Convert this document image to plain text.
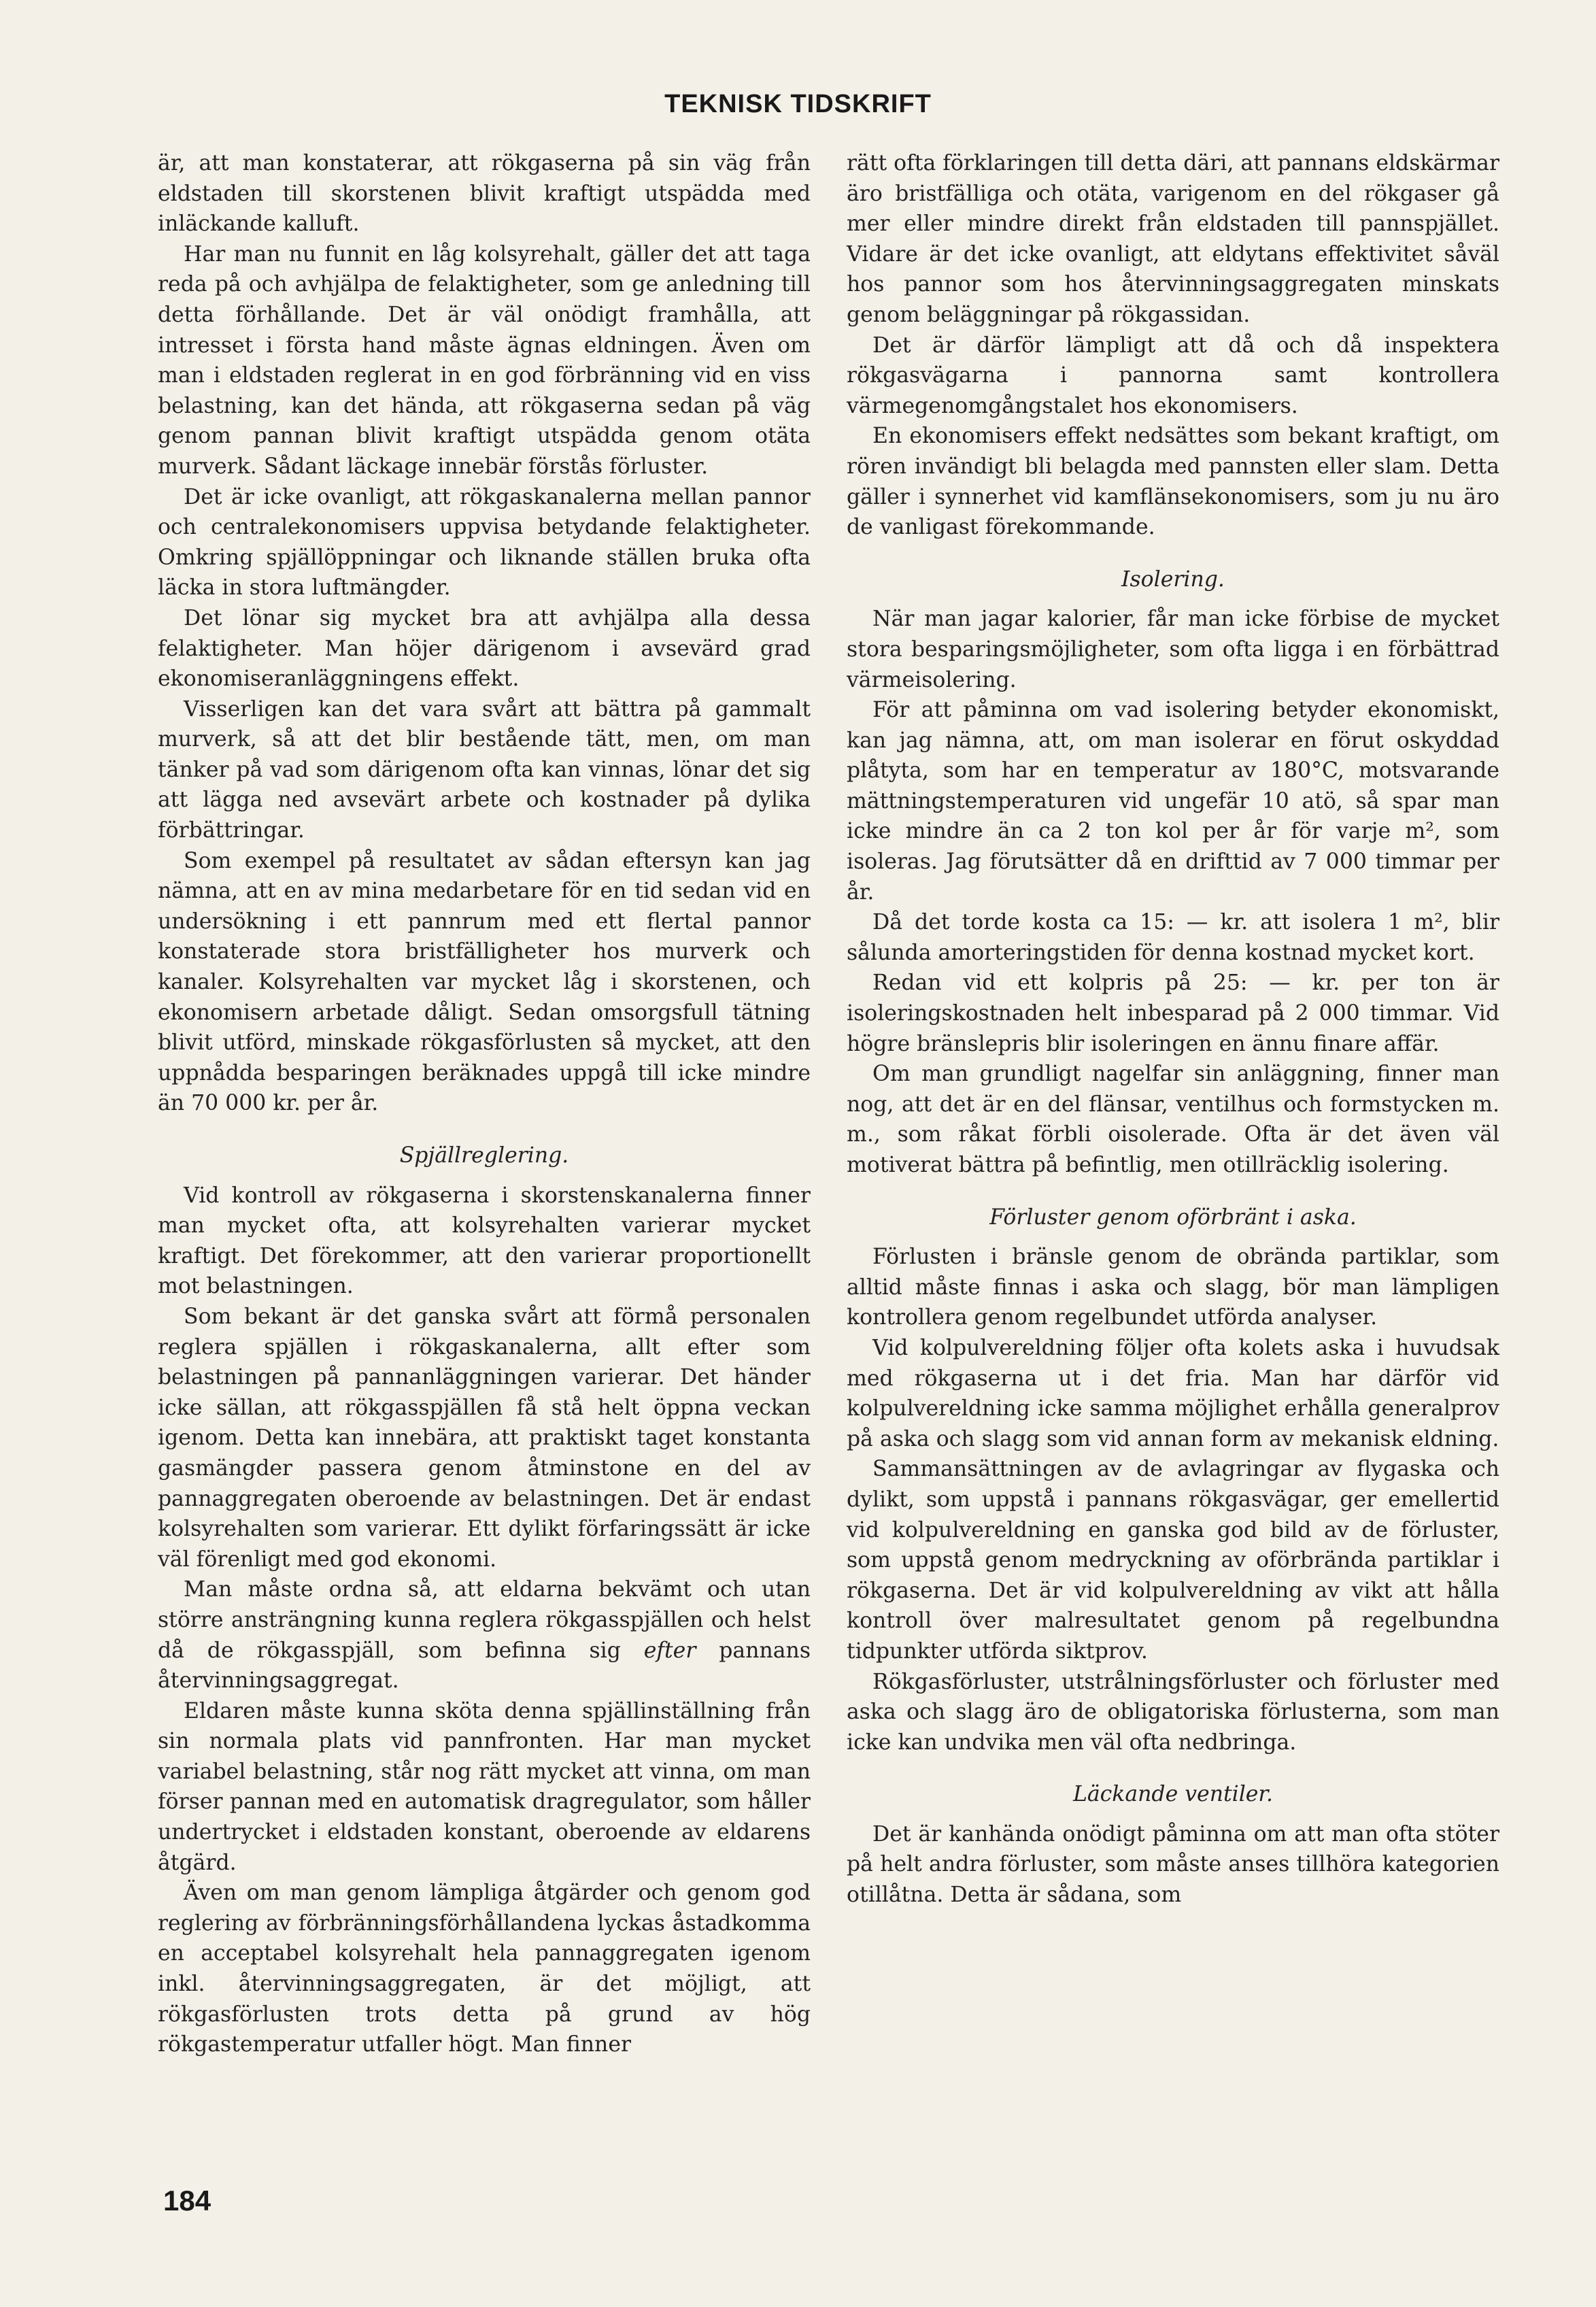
TEKNISK TIDSKRIFT

är, att man konstaterar, att rökgaserna på sin väg från eldstaden till skorstenen blivit kraftigt utspädda med inläckande kalluft.

Har man nu funnit en låg kolsyrehalt, gäller det att taga reda på och avhjälpa de felaktigheter, som ge anledning till detta förhållande. Det är väl onödigt framhålla, att intresset i första hand måste ägnas eldningen. Även om man i eldstaden reglerat in en god förbränning vid en viss belastning, kan det hända, att rökgaserna sedan på väg genom pannan blivit kraftigt utspädda genom otäta murverk. Sådant läckage innebär förstås förluster.

Det är icke ovanligt, att rökgaskanalerna mellan pannor och centralekonomisers uppvisa betydande felaktigheter. Omkring spjällöppningar och liknande ställen bruka ofta läcka in stora luftmängder.

Det lönar sig mycket bra att avhjälpa alla dessa felaktigheter. Man höjer därigenom i avsevärd grad ekonomiseranläggningens effekt.

Visserligen kan det vara svårt att bättra på gammalt murverk, så att det blir bestående tätt, men, om man tänker på vad som därigenom ofta kan vinnas, lönar det sig att lägga ned avsevärt arbete och kostnader på dylika förbättringar.

Som exempel på resultatet av sådan eftersyn kan jag nämna, att en av mina medarbetare för en tid sedan vid en undersökning i ett pannrum med ett flertal pannor konstaterade stora bristfälligheter hos murverk och kanaler. Kolsyrehalten var mycket låg i skorstenen, och ekonomisern arbetade dåligt. Sedan omsorgsfull tätning blivit utförd, minskade rökgasförlusten så mycket, att den uppnådda besparingen beräknades uppgå till icke mindre än 70 000 kr. per år.

Spjällreglering.

Vid kontroll av rökgaserna i skorstenskanalerna finner man mycket ofta, att kolsyrehalten varierar mycket kraftigt. Det förekommer, att den varierar proportionellt mot belastningen.

Som bekant är det ganska svårt att förmå personalen reglera spjällen i rökgaskanalerna, allt efter som belastningen på pannanläggningen varierar. Det händer icke sällan, att rökgasspjällen få stå helt öppna veckan igenom. Detta kan innebära, att praktiskt taget konstanta gasmängder passera genom åtminstone en del av pannaggregaten oberoende av belastningen. Det är endast kolsyrehalten som varierar. Ett dylikt förfaringssätt är icke väl förenligt med god ekonomi.

Man måste ordna så, att eldarna bekvämt och utan större ansträngning kunna reglera rökgasspjällen och helst då de rökgasspjäll, som befinna sig efter pannans återvinningsaggregat.

Eldaren måste kunna sköta denna spjällinställning från sin normala plats vid pannfronten. Har man mycket variabel belastning, står nog rätt mycket att vinna, om man förser pannan med en automatisk dragregulator, som håller undertrycket i eldstaden konstant, oberoende av eldarens åtgärd.

Även om man genom lämpliga åtgärder och genom god reglering av förbränningsförhållandena lyckas åstadkomma en acceptabel kolsyrehalt hela pannaggregaten igenom inkl. återvinningsaggregaten, är det möjligt, att rökgasförlusten trots detta på grund av hög rökgastemperatur utfaller högt. Man finner

rätt ofta förklaringen till detta däri, att pannans eldskärmar äro bristfälliga och otäta, varigenom en del rökgaser gå mer eller mindre direkt från eldstaden till pannspjället. Vidare är det icke ovanligt, att eldytans effektivitet såväl hos pannor som hos återvinningsaggregaten minskats genom beläggningar på rökgassidan.

Det är därför lämpligt att då och då inspektera rökgasvägarna i pannorna samt kontrollera värmegenomgångstalet hos ekonomisers.

En ekonomisers effekt nedsättes som bekant kraftigt, om rören invändigt bli belagda med pannsten eller slam. Detta gäller i synnerhet vid kamflänsekonomisers, som ju nu äro de vanligast förekommande.

Isolering.

När man jagar kalorier, får man icke förbise de mycket stora besparingsmöjligheter, som ofta ligga i en förbättrad värmeisolering.

För att påminna om vad isolering betyder ekonomiskt, kan jag nämna, att, om man isolerar en förut oskyddad plåtyta, som har en temperatur av 180°C, motsvarande mättningstemperaturen vid ungefär 10 atö, så spar man icke mindre än ca 2 ton kol per år för varje m², som isoleras. Jag förutsätter då en drifttid av 7 000 timmar per år.

Då det torde kosta ca 15: — kr. att isolera 1 m², blir sålunda amorteringstiden för denna kostnad mycket kort.

Redan vid ett kolpris på 25: — kr. per ton är isoleringskostnaden helt inbesparad på 2 000 timmar. Vid högre bränslepris blir isoleringen en ännu finare affär.

Om man grundligt nagelfar sin anläggning, finner man nog, att det är en del flänsar, ventilhus och formstycken m. m., som råkat förbli oisolerade. Ofta är det även väl motiverat bättra på befintlig, men otillräcklig isolering.

Förluster genom oförbränt i aska.

Förlusten i bränsle genom de obrända partiklar, som alltid måste finnas i aska och slagg, bör man lämpligen kontrollera genom regelbundet utförda analyser.

Vid kolpulvereldning följer ofta kolets aska i huvudsak med rökgaserna ut i det fria. Man har därför vid kolpulvereldning icke samma möjlighet erhålla generalprov på aska och slagg som vid annan form av mekanisk eldning.

Sammansättningen av de avlagringar av flygaska och dylikt, som uppstå i pannans rökgasvägar, ger emellertid vid kolpulvereldning en ganska god bild av de förluster, som uppstå genom medryckning av oförbrända partiklar i rökgaserna. Det är vid kolpulvereldning av vikt att hålla kontroll över malresultatet genom på regelbundna tidpunkter utförda siktprov.

Rökgasförluster, utstrålningsförluster och förluster med aska och slagg äro de obligatoriska förlusterna, som man icke kan undvika men väl ofta nedbringa.

Läckande ventiler.

Det är kanhända onödigt påminna om att man ofta stöter på helt andra förluster, som måste anses tillhöra kategorien otillåtna. Detta är sådana, som

184
